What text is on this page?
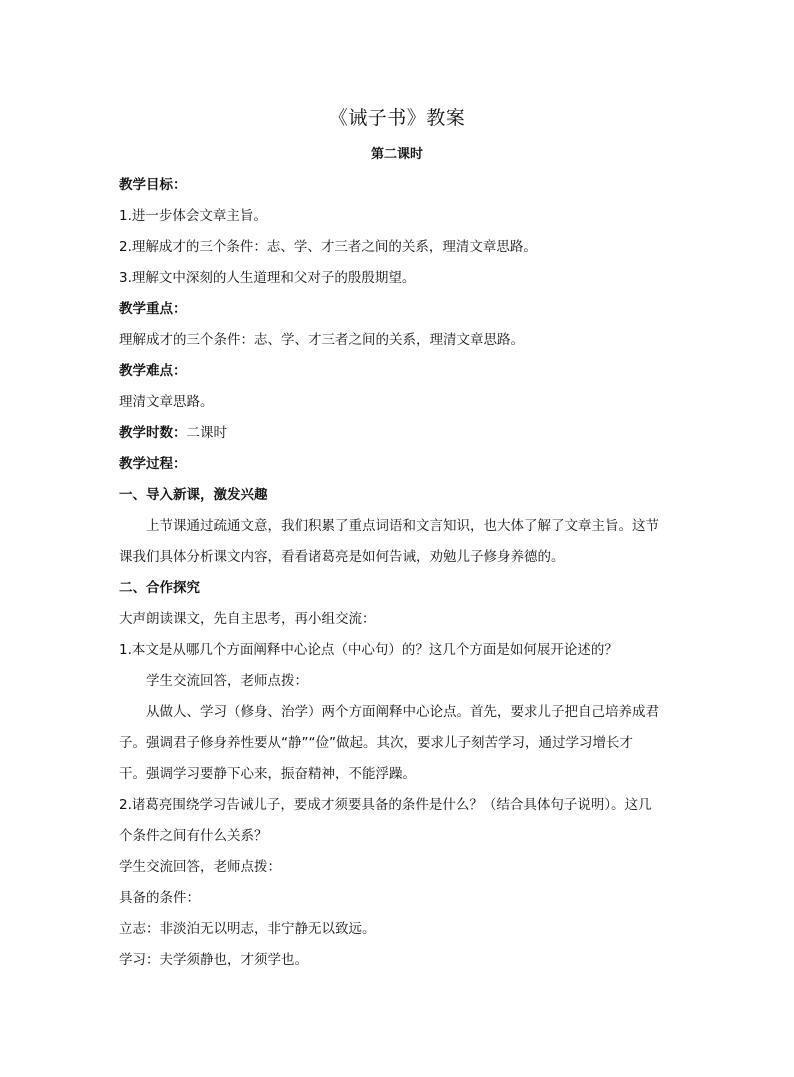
《诫子书》教案
第二课时

教学目标：

1.进一步体会文章主旨。

2.理解成才的三个条件：志、学、才三者之间的关系，理清文章思路。

3.理解文中深刻的人生道理和父对子的殷殷期望。

教学重点：

理解成才的三个条件：志、学、才三者之间的关系，理清文章思路。

教学难点：

理清文章思路。

教学时数：二课时

教学过程：

一、导入新课，激发兴趣

上节课通过疏通文意，我们积累了重点词语和文言知识，也大体了解了文章主旨。这节课我们具体分析课文内容，看看诸葛亮是如何告诫，劝勉儿子修身养德的。

二、合作探究

大声朗读课文，先自主思考，再小组交流：

1.本文是从哪几个方面阐释中心论点（中心句）的？这几个方面是如何展开论述的？

学生交流回答，老师点拨：

从做人、学习（修身、治学）两个方面阐释中心论点。首先，要求儿子把自己培养成君子。强调君子修身养性要从“静”“俭”做起。其次，要求儿子刻苦学习，通过学习增长才干。强调学习要静下心来，振奋精神，不能浮躁。

2.诸葛亮围绕学习告诫儿子，要成才须要具备的条件是什么？（结合具体句子说明）。这几个条件之间有什么关系？

学生交流回答，老师点拨：

具备的条件：

立志：非淡泊无以明志，非宁静无以致远。

学习：夫学须静也，才须学也。
